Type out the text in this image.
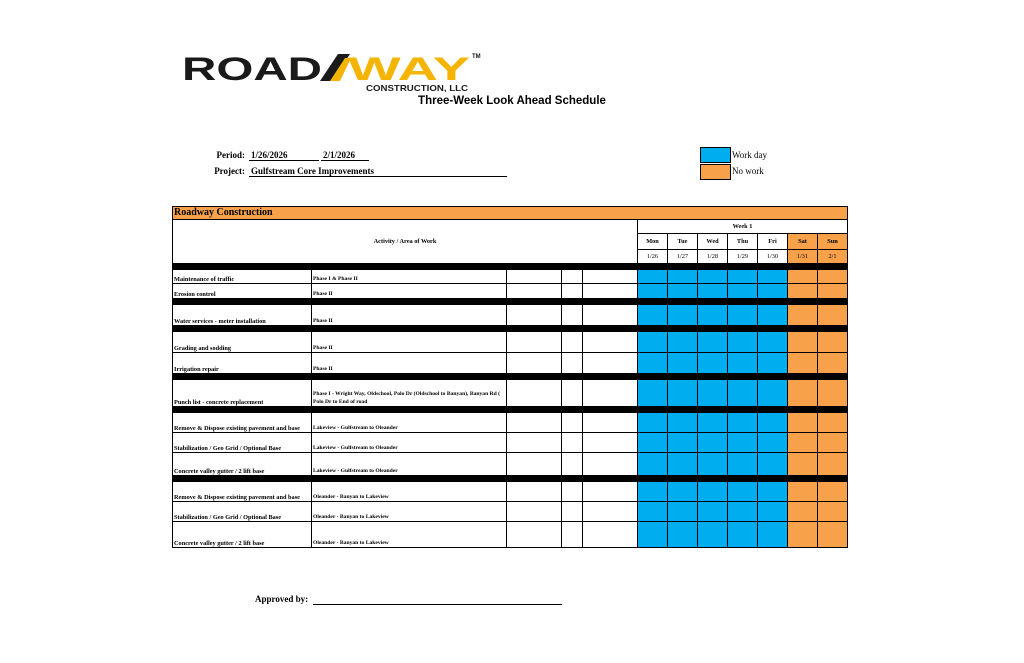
ROAD WAY TM
CONSTRUCTION, LLC
Three-Week Look Ahead Schedule
Period: 1/26/2026	2/1/2026
Project: Gulfstream Core Improvements
Work day
No work
Roadway Construction											
Activity / Area of Work					Week 1						
					Mon	Tue	Wed	Thu	Fri	Sat	Sun
					1/26	1/27	1/28	1/29	1/30	1/31	2/1

Maintenance of traffic	Phase I & Phase II										
Erosion control	Phase II										

Water services - meter installation	Phase II										

Grading and sodding	Phase II										
Irrigation repair	Phase II										

Punch list - concrete replacement	Phase I - Wright Way, Oldschool, Polo Dr (Oldschool to Banyan), Banyan Rd ( Polo Dr to End of road										

Remove & Dispose existing pavement and base	Lakeview - Gulfstream to Oleander										
Stabilization / Geo Grid / Optional Base	Lakeview - Gulfstream to Oleander										
Concrete valley gutter / 2 lift base	Lakeview - Gulfstream to Oleander										

Remove & Dispose existing pavement and base	Oleander - Banyan to Lakeview										
Stabilization / Geo Grid / Optional Base	Oleander - Banyan to Lakeview										
Concrete valley gutter / 2 lift base	Oleander - Banyan to Lakeview										
Approved by:
